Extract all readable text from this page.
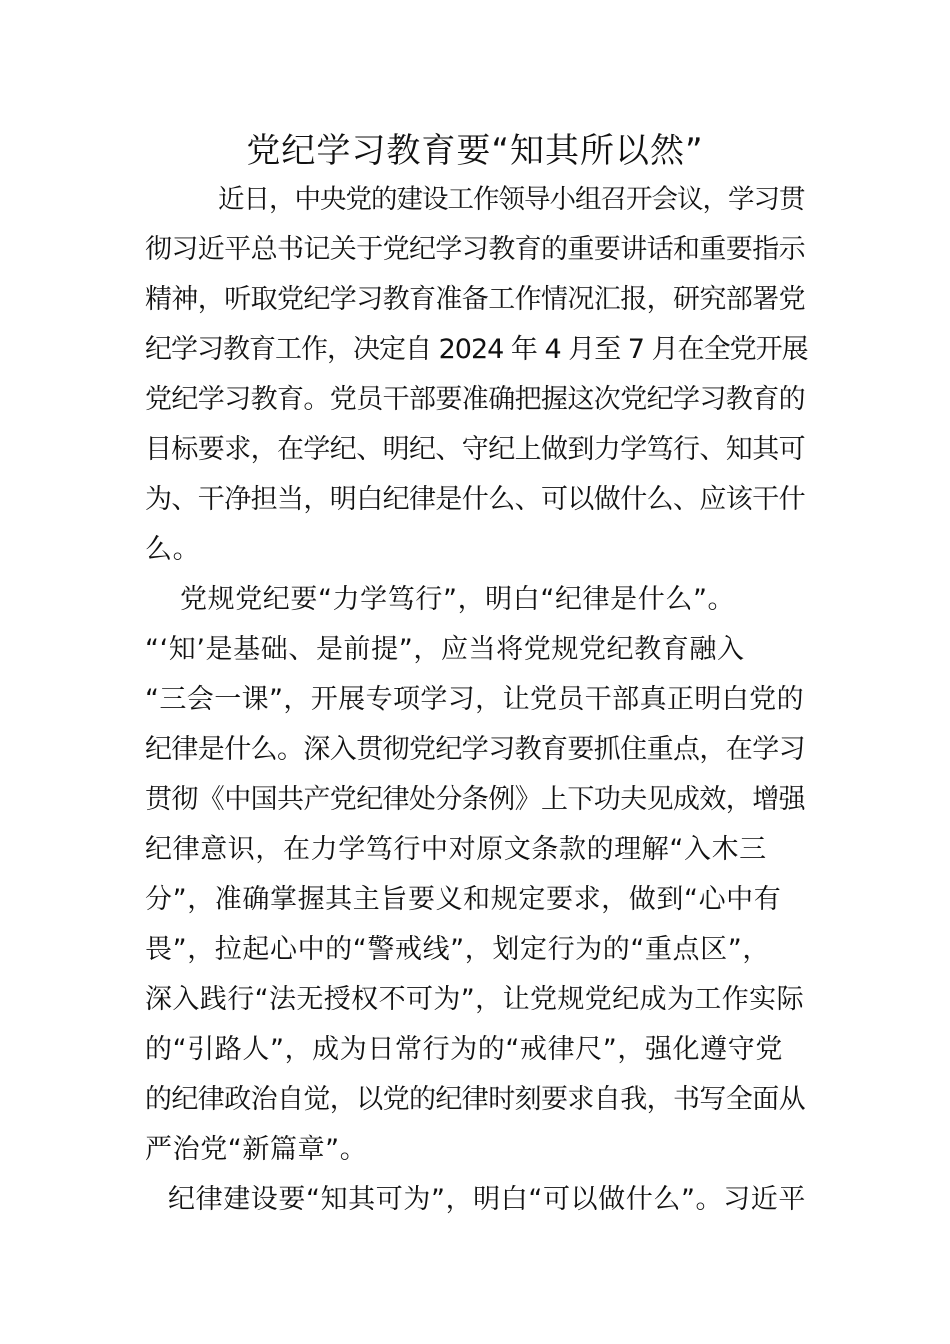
党纪学习教育要“知其所以然”
近日，中央党的建设工作领导小组召开会议，学习贯
彻习近平总书记关于党纪学习教育的重要讲话和重要指示
精神，听取党纪学习教育准备工作情况汇报，研究部署党
纪学习教育工作，决定自 2024 年 4 月至 7 月在全党开展
党纪学习教育。党员干部要准确把握这次党纪学习教育的
目标要求，在学纪、明纪、守纪上做到力学笃行、知其可
为、干净担当，明白纪律是什么、可以做什么、应该干什
么。
党规党纪要“力学笃行”，明白“纪律是什么”。
“‘知’是基础、是前提”，应当将党规党纪教育融入
“三会一课”，开展专项学习，让党员干部真正明白党的
纪律是什么。深入贯彻党纪学习教育要抓住重点，在学习
贯彻《中国共产党纪律处分条例》上下功夫见成效，增强
纪律意识，在力学笃行中对原文条款的理解“入木三
分”，准确掌握其主旨要义和规定要求，做到“心中有
畏”，拉起心中的“警戒线”，划定行为的“重点区”，
深入践行“法无授权不可为”，让党规党纪成为工作实际
的“引路人”，成为日常行为的“戒律尺”，强化遵守党
的纪律政治自觉，以党的纪律时刻要求自我，书写全面从
严治党“新篇章”。
纪律建设要“知其可为”，明白“可以做什么”。习近平
